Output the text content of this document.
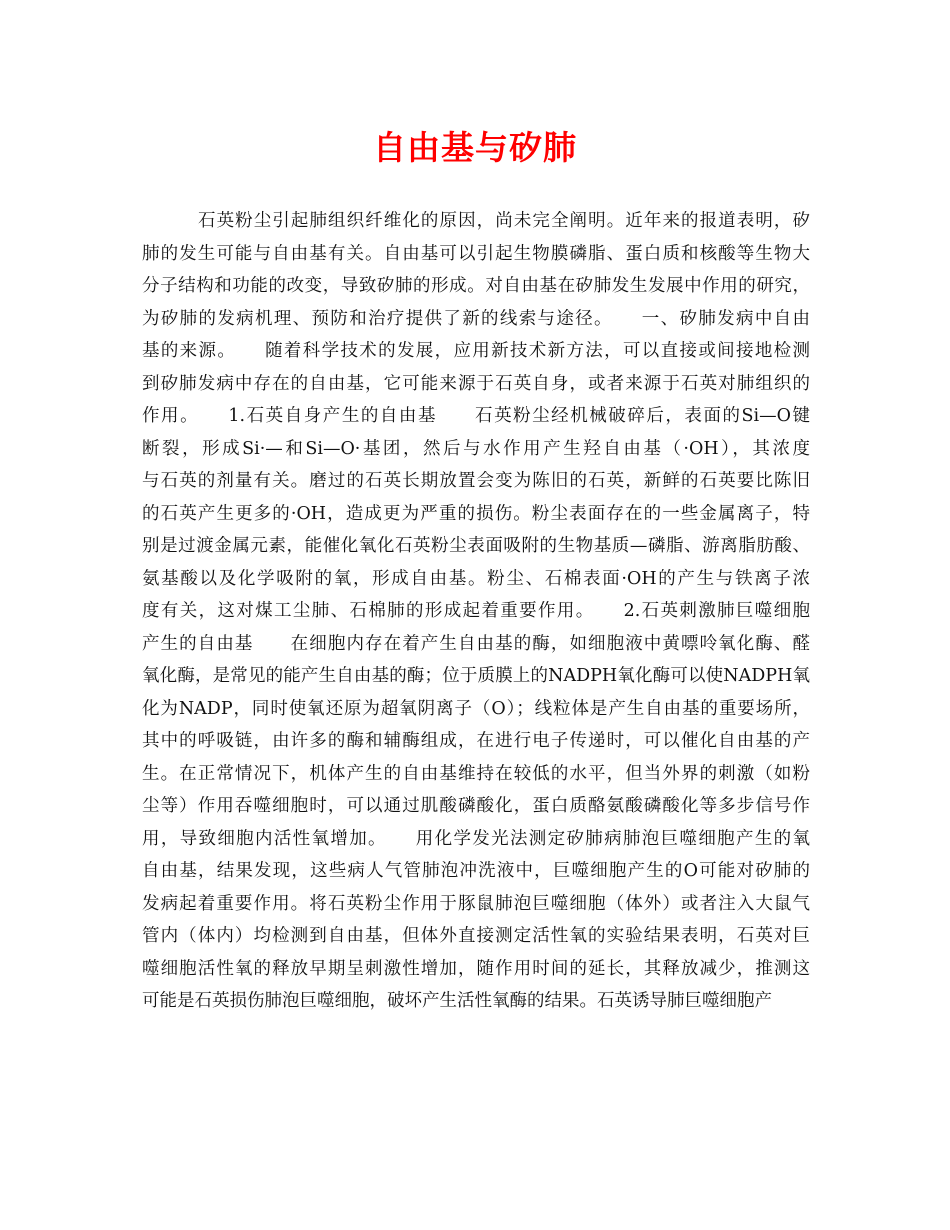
自由基与矽肺
石英粉尘引起肺组织纤维化的原因，尚未完全阐明。近年来的报道表明，矽
肺的发生可能与自由基有关。自由基可以引起生物膜磷脂、蛋白质和核酸等生物大
分子结构和功能的改变，导致矽肺的形成。对自由基在矽肺发生发展中作用的研究，
为矽肺的发病机理、预防和治疗提供了新的线索与途径。　　一、矽肺发病中自由
基的来源。　　随着科学技术的发展，应用新技术新方法，可以直接或间接地检测
到矽肺发病中存在的自由基，它可能来源于石英自身，或者来源于石英对肺组织的
作用。　　1.石英自身产生的自由基　　石英粉尘经机械破碎后，表面的Si—O键
断裂，形成Si·—和Si—O·基团，然后与水作用产生羟自由基（·OH），其浓度
与石英的剂量有关。磨过的石英长期放置会变为陈旧的石英，新鲜的石英要比陈旧
的石英产生更多的·OH，造成更为严重的损伤。粉尘表面存在的一些金属离子，特
别是过渡金属元素，能催化氧化石英粉尘表面吸附的生物基质—磷脂、游离脂肪酸、
氨基酸以及化学吸附的氧，形成自由基。粉尘、石棉表面·OH的产生与铁离子浓
度有关，这对煤工尘肺、石棉肺的形成起着重要作用。　　2.石英刺激肺巨噬细胞
产生的自由基　　在细胞内存在着产生自由基的酶，如细胞液中黄嘌呤氧化酶、醛
氧化酶，是常见的能产生自由基的酶；位于质膜上的NADPH氧化酶可以使NADPH氧
化为NADP，同时使氧还原为超氧阴离子（O）；线粒体是产生自由基的重要场所，
其中的呼吸链，由许多的酶和辅酶组成，在进行电子传递时，可以催化自由基的产
生。在正常情况下，机体产生的自由基维持在较低的水平，但当外界的刺激（如粉
尘等）作用吞噬细胞时，可以通过肌酸磷酸化，蛋白质酪氨酸磷酸化等多步信号作
用，导致细胞内活性氧增加。　　用化学发光法测定矽肺病肺泡巨噬细胞产生的氧
自由基，结果发现，这些病人气管肺泡冲洗液中，巨噬细胞产生的O可能对矽肺的
发病起着重要作用。将石英粉尘作用于豚鼠肺泡巨噬细胞（体外）或者注入大鼠气
管内（体内）均检测到自由基，但体外直接测定活性氧的实验结果表明，石英对巨
噬细胞活性氧的释放早期呈刺激性增加，随作用时间的延长，其释放减少，推测这
可能是石英损伤肺泡巨噬细胞，破坏产生活性氧酶的结果。石英诱导肺巨噬细胞产
